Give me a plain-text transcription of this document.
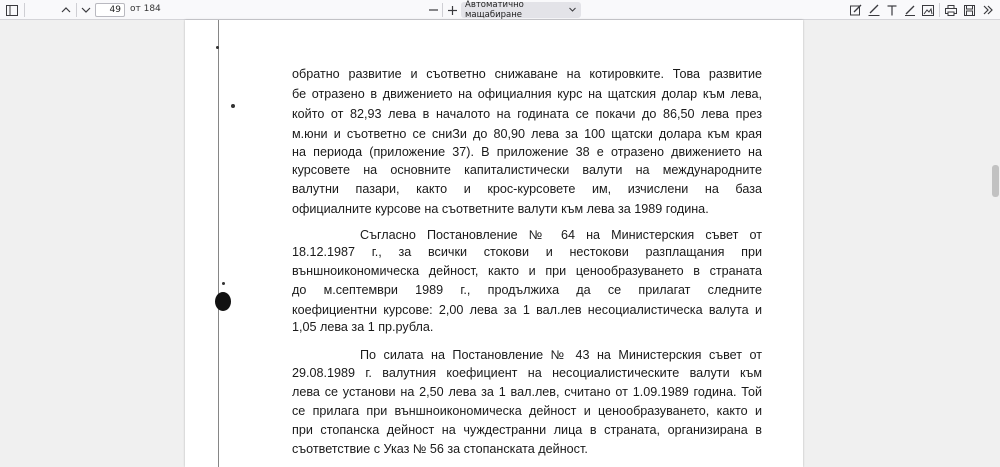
49
от 184	Автоматично мащабиране
обратно развитие и съответно снижаване на котировките. Това развитие
бе отразено в движението на официалния курс на щатския долар към лева,
който от 82,93 лева в началото на годината се покачи до 86,50 лева през
м.юни и съответно се сниЗи до 80,90 лева за 100 щатски долара към края
на периода (приложение 37). В приложение 38 е отразено движението на
курсовете на основните капиталистически валути на международните
валутни пазари, както и крос-курсовете им, изчислени на база
официалните курсове на съответните валути към лева за 1989 година.
Съгласно Постановление № 64 на Министерския съвет от
18.12.1987 г., за всички стокови и нестокови разплащания при
външноикономическа дейност, както и при ценообразуването в страната
до м.септември 1989 г., продължиха да се прилагат следните
коефициентни курсове: 2,00 лева за 1 вал.лев несоциалистическа валута и
1,05 лева за 1 пр.рубла.
По силата на Постановление № 43 на Министерския съвет от
29.08.1989 г. валутния коефициент на несоциалистическите валути към
лева се установи на 2,50 лева за 1 вал.лев, считано от 1.09.1989 година. Той
се прилага при външноикономическа дейност и ценообразуването, както и
при стопанска дейност на чуждестранни лица в страната, организирана в
съответствие с Указ № 56 за стопанската дейност.
